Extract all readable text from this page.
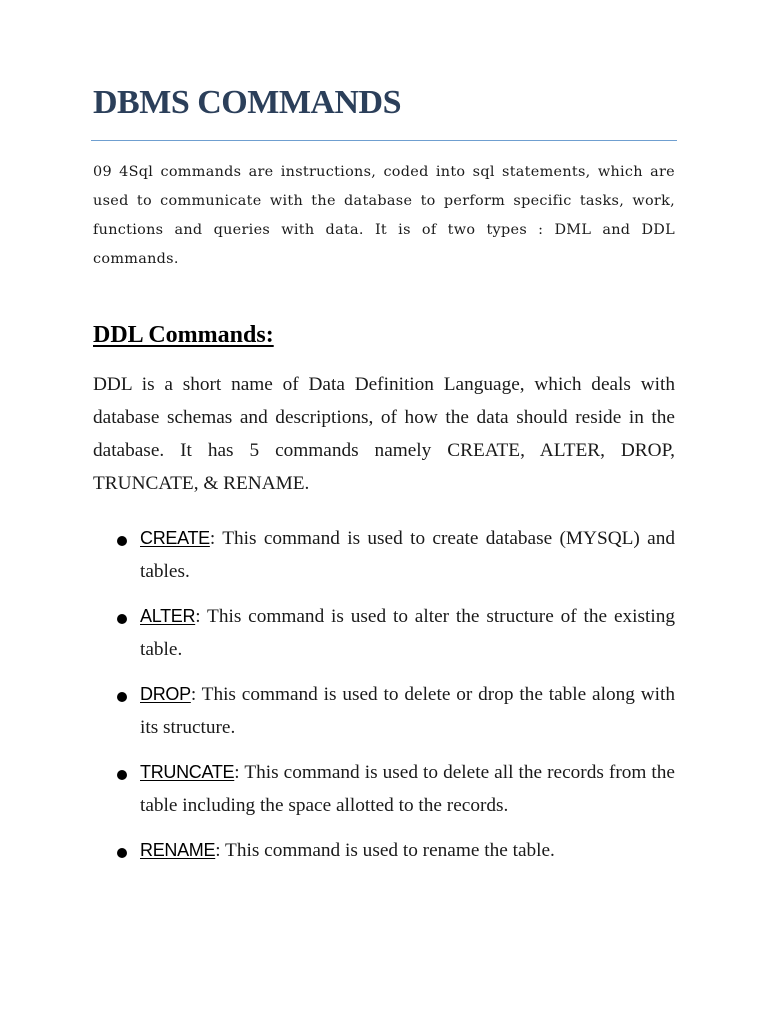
DBMS COMMANDS

09 4Sql commands are instructions, coded into sql statements, which are used to communicate with the database to perform specific tasks, work, functions and queries with data. It is of two types : DML and DDL commands.

DDL Commands:

DDL is a short name of Data Definition Language, which deals with database schemas and descriptions, of how the data should reside in the database. It has 5 commands namely CREATE, ALTER, DROP, TRUNCATE, & RENAME.

CREATE: This command is used to create database (MYSQL) and tables.
ALTER: This command is used to alter the structure of the existing table.
DROP: This command is used to delete or drop the table along with its structure.
TRUNCATE: This command is used to delete all the records from the table including the space allotted to the records.
RENAME: This command is used to rename the table.
